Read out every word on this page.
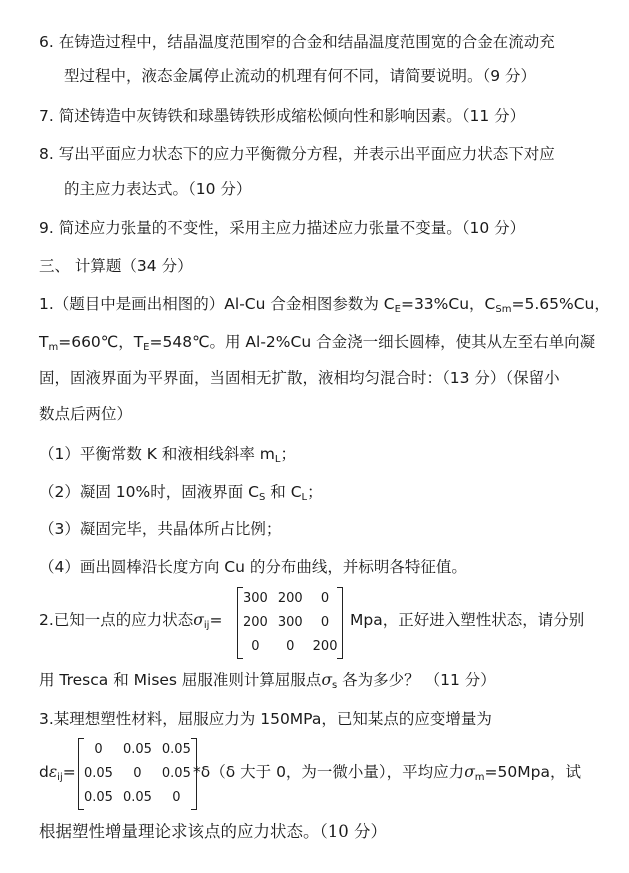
6. 在铸造过程中，结晶温度范围窄的合金和结晶温度范围宽的合金在流动充
型过程中，液态金属停止流动的机理有何不同，请简要说明。（9 分）
7. 简述铸造中灰铸铁和球墨铸铁形成缩松倾向性和影响因素。（11 分）
8. 写出平面应力状态下的应力平衡微分方程，并表示出平面应力状态下对应
的主应力表达式。（10 分）
9. 简述应力张量的不变性，采用主应力描述应力张量不变量。（10 分）
三、 计算题（34 分）
1.（题目中是画出相图的）Al-Cu 合金相图参数为 $C_E=33\%Cu$，$C_{Sm}=5.65\%Cu$，
$T_m=660℃$，$T_E=548℃$。用 Al-2%Cu 合金浇一细长圆棒，使其从左至右单向凝
固，固液界面为平界面，当固相无扩散，液相均匀混合时：（13 分）（保留小
数点后两位）
（1）平衡常数 K 和液相线斜率 $m_L$；
（2）凝固 10%时，固液界面 $C_S$ 和 $C_L$；
（3）凝固完毕，共晶体所占比例；
（4）画出圆棒沿长度方向 Cu 的分布曲线，并标明各特征值。
2.已知一点的应力状态$\sigma_{ij}=$
300	200	0
200	300	0
0	0	200
Mpa，正好进入塑性状态，请分别
用 Tresca 和 Mises 屈服准则计算屈服点$\sigma_s$ 各为多少？ （11 分）
3.某理想塑性材料，屈服应力为 150MPa，已知某点的应变增量为
$d\varepsilon_{ij}=$
0	0.05	0.05
0.05	0	0.05
0.05	0.05	0
*δ（δ 大于 0，为一微小量），平均应力$\sigma_m=50Mpa$，试
根据塑性增量理论求该点的应力状态。（10 分）
